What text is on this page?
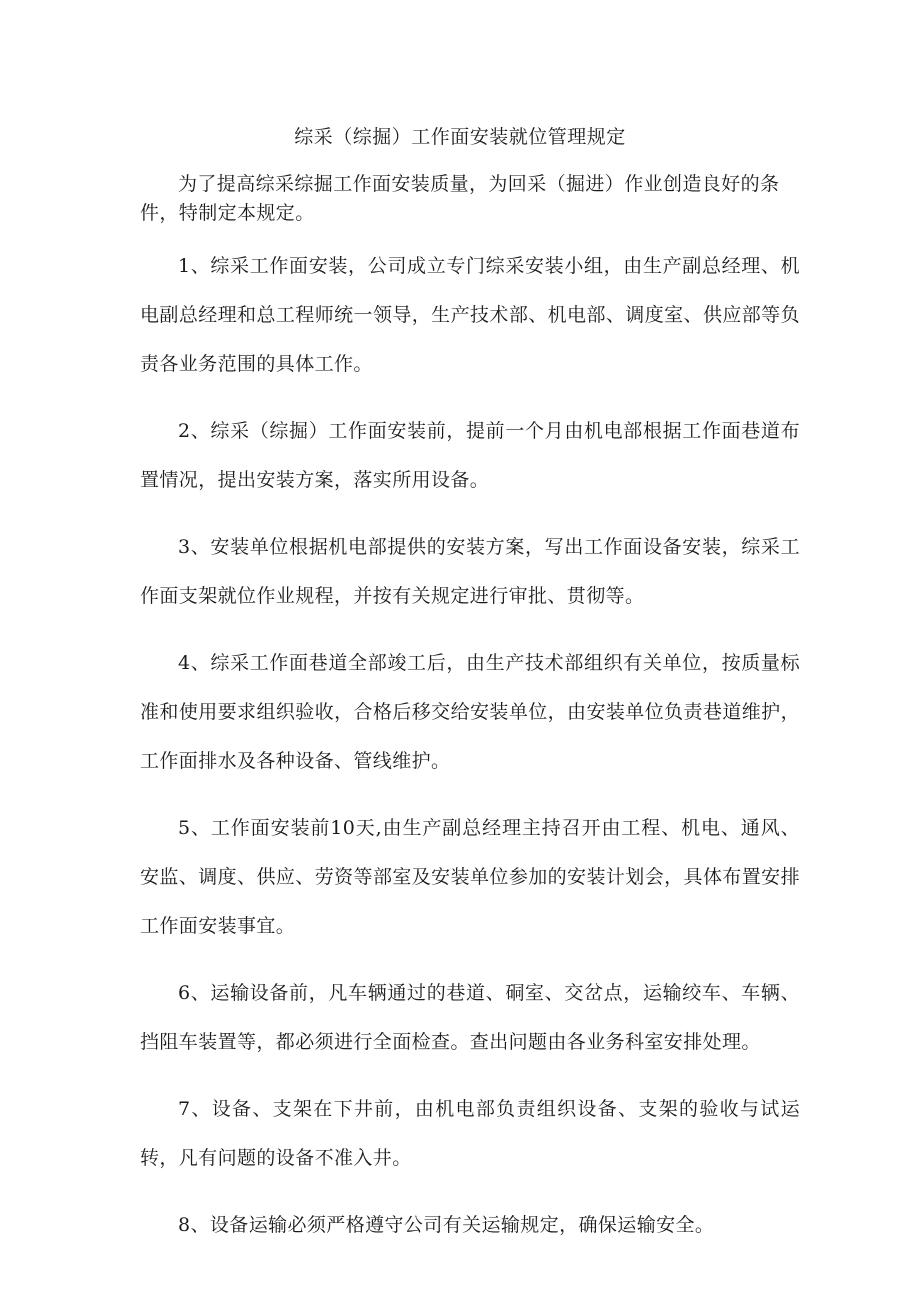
综采（综掘）工作面安装就位管理规定

为了提高综采综掘工作面安装质量，为回采（掘进）作业创造良好的条件，特制定本规定。

1、综采工作面安装，公司成立专门综采安装小组，由生产副总经理、机电副总经理和总工程师统一领导，生产技术部、机电部、调度室、供应部等负责各业务范围的具体工作。

2、综采（综掘）工作面安装前，提前一个月由机电部根据工作面巷道布置情况，提出安装方案，落实所用设备。

3、安装单位根据机电部提供的安装方案，写出工作面设备安装，综采工作面支架就位作业规程，并按有关规定进行审批、贯彻等。

4、综采工作面巷道全部竣工后，由生产技术部组织有关单位，按质量标准和使用要求组织验收，合格后移交给安装单位，由安装单位负责巷道维护，工作面排水及各种设备、管线维护。

5、工作面安装前10天,由生产副总经理主持召开由工程、机电、通风、安监、调度、供应、劳资等部室及安装单位参加的安装计划会，具体布置安排工作面安装事宜。

6、运输设备前，凡车辆通过的巷道、硐室、交岔点，运输绞车、车辆、挡阻车装置等，都必须进行全面检查。查出问题由各业务科室安排处理。

7、设备、支架在下井前，由机电部负责组织设备、支架的验收与试运转，凡有问题的设备不准入井。

8、设备运输必须严格遵守公司有关运输规定，确保运输安全。
